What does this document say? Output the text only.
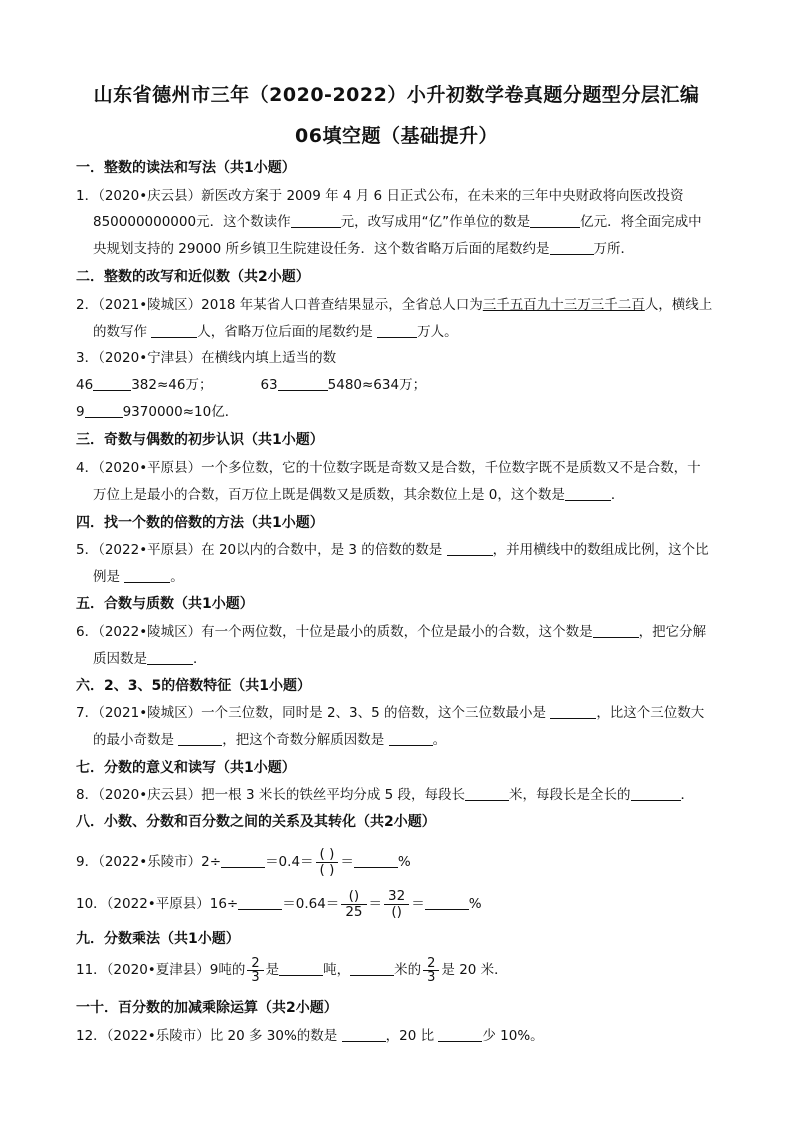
山东省德州市三年（2020-2022）小升初数学卷真题分题型分层汇编
06填空题（基础提升）
一．整数的读法和写法（共1小题）
1．（2020•庆云县）新医改方案于 2009 年 4 月 6 日正式公布，在未来的三年中央财政将向医改投资
850000000000元．这个数读作	元，改写成用“亿”作单位的数是	亿元．将全面完成中
央规划支持的 29000 所乡镇卫生院建设任务．这个数省略万后面的尾数约是	万所．
二．整数的改写和近似数（共2小题）
2．（2021•陵城区）2018 年某省人口普查结果显示，全省总人口为三千五百九十三万三千二百人，横线上
的数写作	人，省略万位后面的尾数约是	万人。
3．（2020•宁津县）在横线内填上适当的数
46	382≈46万；	63	5480≈634万；
9	9370000≈10亿．
三．奇数与偶数的初步认识（共1小题）
4．（2020•平原县）一个多位数，它的十位数字既是奇数又是合数，千位数字既不是质数又不是合数，十
万位上是最小的合数，百万位上既是偶数又是质数，其余数位上是 0，这个数是	．
四．找一个数的倍数的方法（共1小题）
5．（2022•平原县）在 20以内的合数中，是 3 的倍数的数是	，并用横线中的数组成比例，这个比
例是	。
五．合数与质数（共1小题）
6．（2022•陵城区）有一个两位数，十位是最小的质数，个位是最小的合数，这个数是	，把它分解
质因数是	．
六．2、3、5的倍数特征（共1小题）
7．（2021•陵城区）一个三位数，同时是 2、3、5 的倍数，这个三位数最小是	，比这个三位数大
的最小奇数是	，把这个奇数分解质因数是	。
七．分数的意义和读写（共1小题）
8．（2020•庆云县）把一根 3 米长的铁丝平均分成 5 段，每段长	米，每段长是全长的	．
八．小数、分数和百分数之间的关系及其转化（共2小题）
9．（2022•乐陵市）2÷	$=0.4= \frac{( )}{( )}$ ＝	%
10．（2022•平原县）16÷	$=0.64= \frac{()}{25} = \frac{32}{()}$ ＝	%
九．分数乘法（共1小题）
11．（2020•夏津县）9吨的 $\frac{2}{3}$ 是	吨，	米的 $\frac{2}{3}$ 是 20 米．
一十．百分数的加减乘除运算（共2小题）
12．（2022•乐陵市）比 20 多 30%的数是	，20 比	少 10%。
